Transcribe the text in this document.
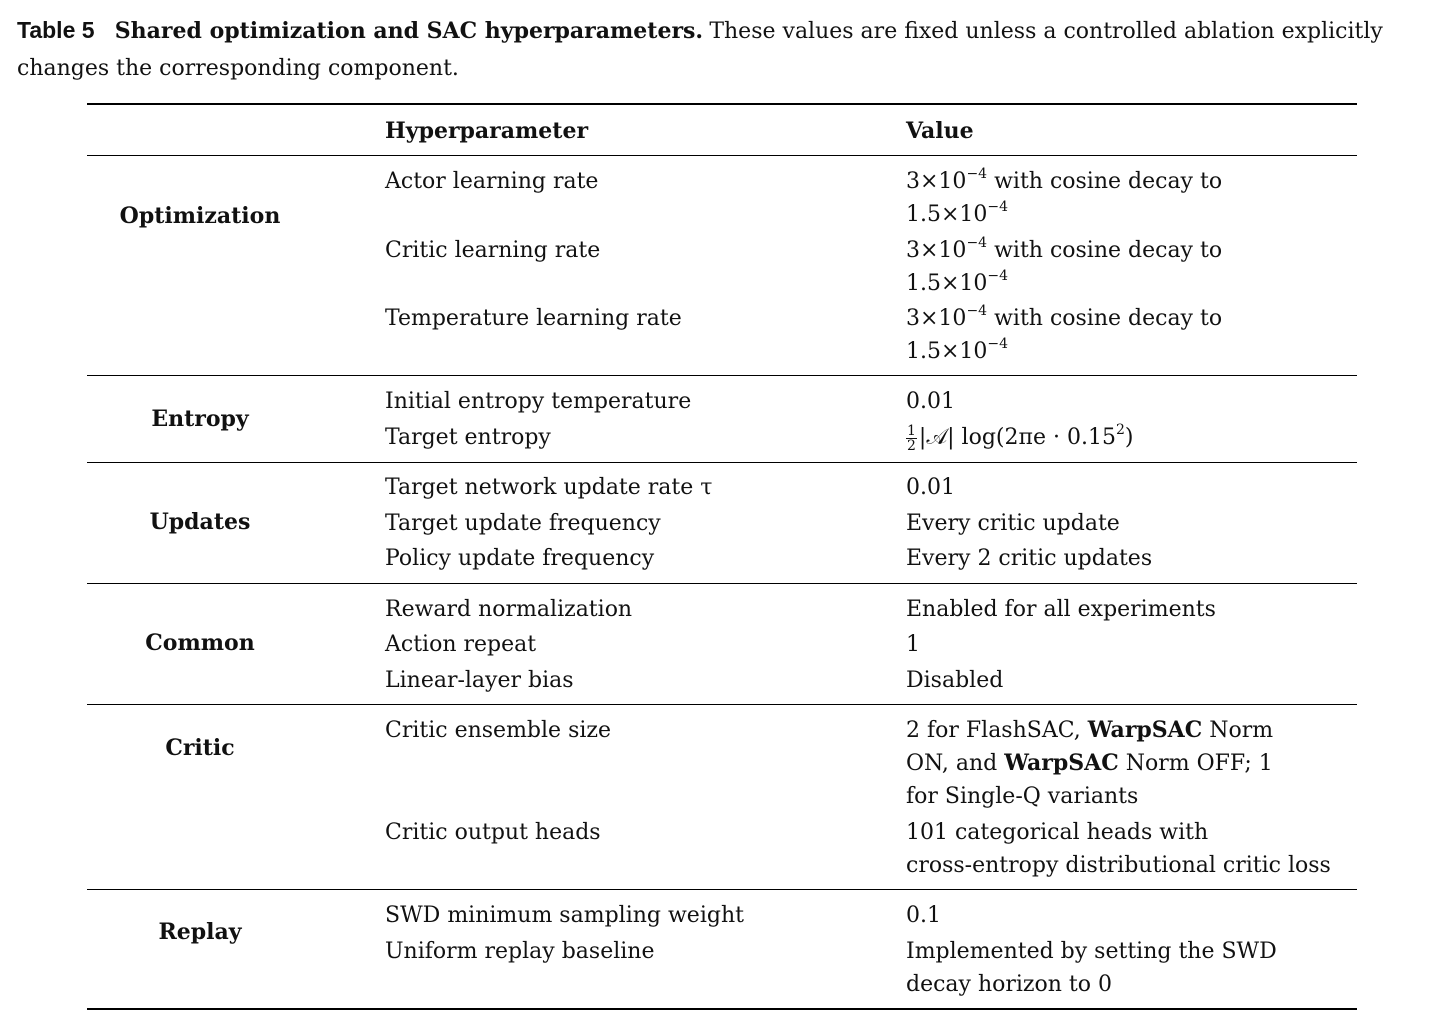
Table 5 Shared optimization and SAC hyperparameters. These values are fixed unless a controlled ablation explicitly changes the corresponding component.
Hyperparameter	Value
Optimization
Actor learning rate	$3\times 10^{-4}$ with cosine decay to
$1.5\times 10^{-4}$
Critic learning rate	$3\times 10^{-4}$ with cosine decay to
$1.5\times 10^{-4}$
Temperature learning rate	$3\times 10^{-4}$ with cosine decay to
$1.5\times 10^{-4}$
Entropy
Initial entropy temperature	0.01
Target entropy	$\frac{1}{2}$ |𝒜| $\log(2\pi e \cdot 0.15^2)$
Updates
Target network update rate τ	0.01
Target update frequency	Every critic update
Policy update frequency	Every 2 critic updates
Common
Reward normalization	Enabled for all experiments
Action repeat	1
Linear-layer bias	Disabled
Critic
Critic ensemble size	2 for FlashSAC, WarpSAC Norm
ON, and WarpSAC Norm OFF; 1
for Single-Q variants
Critic output heads	101 categorical heads with
cross-entropy distributional critic loss
Replay
SWD minimum sampling weight	0.1
Uniform replay baseline	Implemented by setting the SWD
decay horizon to 0
